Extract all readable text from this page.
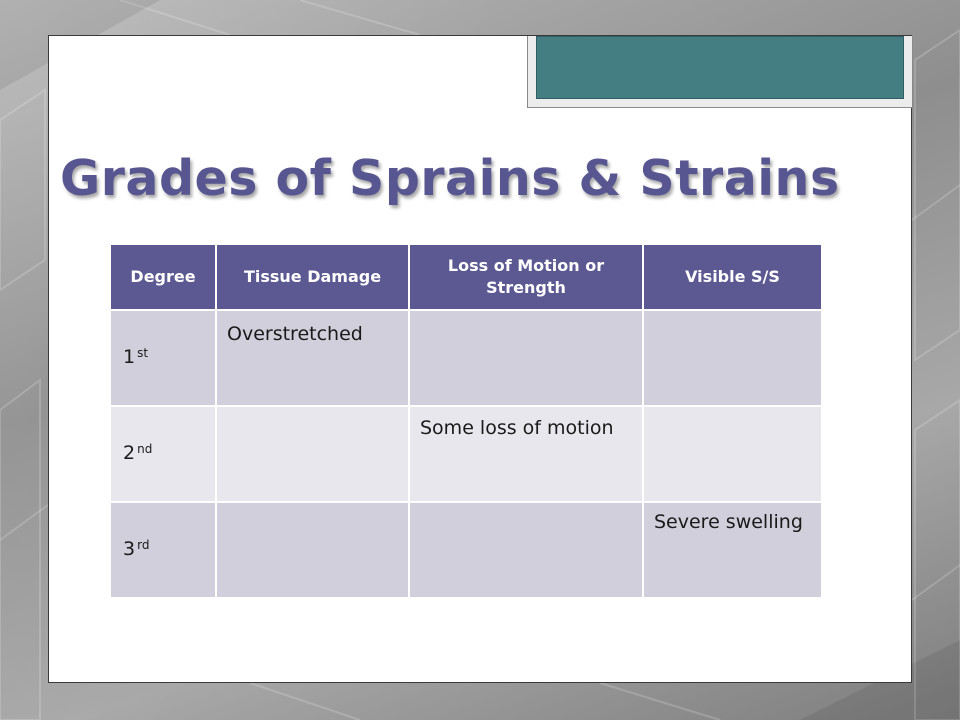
Grades of Sprains & Strains
Degree	Tissue Damage	Loss of Motion or Strength	Visible S/S
1 $^{st}$	Overstretched		
2 $^{nd}$		Some loss of motion	
3 $^{rd}$			Severe swelling
